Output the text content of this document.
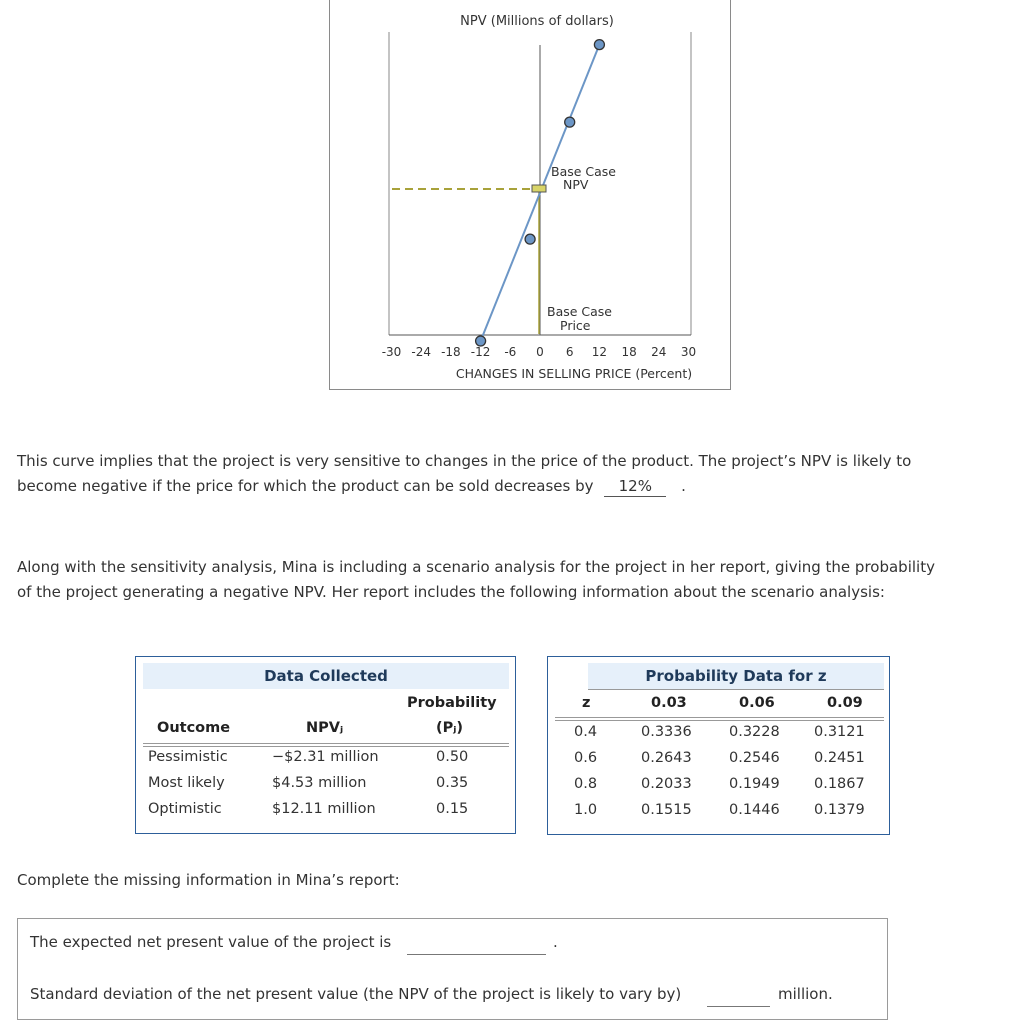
NPV (Millions of dollars)
Base Case
NPV
Base Case
Price
-30 -24 -18 -12 -6 0 6 12 18 24 30
CHANGES IN SELLING PRICE (Percent)
This curve implies that the project is very sensitive to changes in the price of the product. The project’s NPV is likely to become negative if the price for which the product can be sold decreases by 12% .
Along with the sensitivity analysis, Mina is including a scenario analysis for the project in her report, giving the probability of the project generating a negative NPV. Her report includes the following information about the scenario analysis:
Data Collected
Probability
Outcome	NPVⱼ	(Pⱼ)
Pessimistic	−$2.31 million	0.50
Most likely	$4.53 million	0.35
Optimistic	$12.11 million	0.15
Probability Data for z
z	0.03	0.06	0.09
0.4	0.3336	0.3228 0.3121
0.6	0.2643	0.2546 0.2451
0.8	0.2033	0.1949 0.1867
1.0	0.1515	0.1446 0.1379
Complete the missing information in Mina’s report:
The expected net present value of the project is	.
Standard deviation of the net present value (the NPV of the project is likely to vary by)	million.
